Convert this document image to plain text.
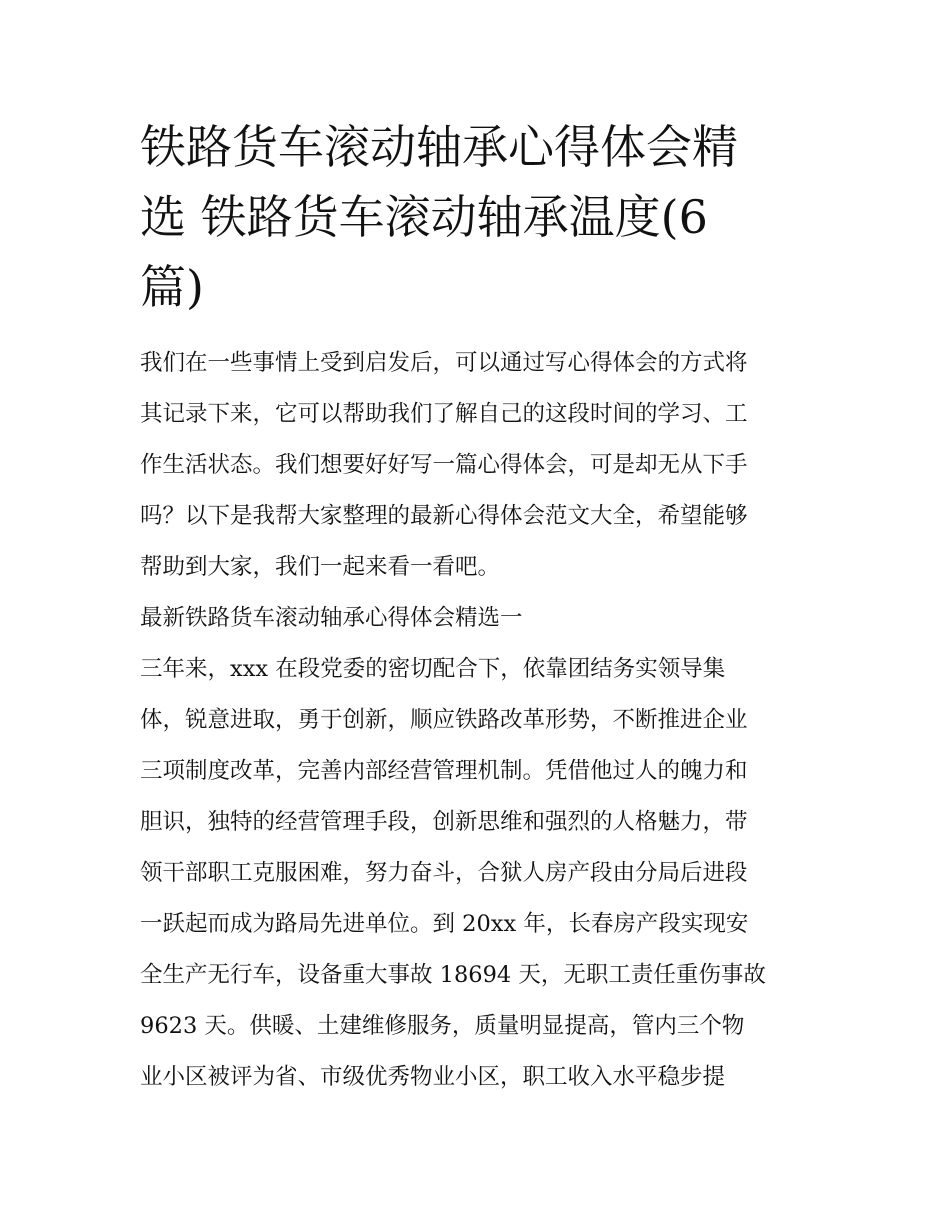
铁路货车滚动轴承心得体会精
选 铁路货车滚动轴承温度(6
篇)
我们在一些事情上受到启发后，可以通过写心得体会的方式将
其记录下来，它可以帮助我们了解自己的这段时间的学习、工
作生活状态。我们想要好好写一篇心得体会，可是却无从下手
吗？以下是我帮大家整理的最新心得体会范文大全，希望能够
帮助到大家，我们一起来看一看吧。
最新铁路货车滚动轴承心得体会精选一
三年来，xxx 在段党委的密切配合下，依靠团结务实领导集
体，锐意进取，勇于创新，顺应铁路改革形势，不断推进企业
三项制度改革，完善内部经营管理机制。凭借他过人的魄力和
胆识，独特的经营管理手段，创新思维和强烈的人格魅力，带
领干部职工克服困难，努力奋斗，合狱人房产段由分局后进段
一跃起而成为路局先进单位。到 20xx 年，长春房产段实现安
全生产无行车，设备重大事故 18694 天，无职工责任重伤事故
9623 天。供暖、土建维修服务，质量明显提高，管内三个物
业小区被评为省、市级优秀物业小区，职工收入水平稳步提
